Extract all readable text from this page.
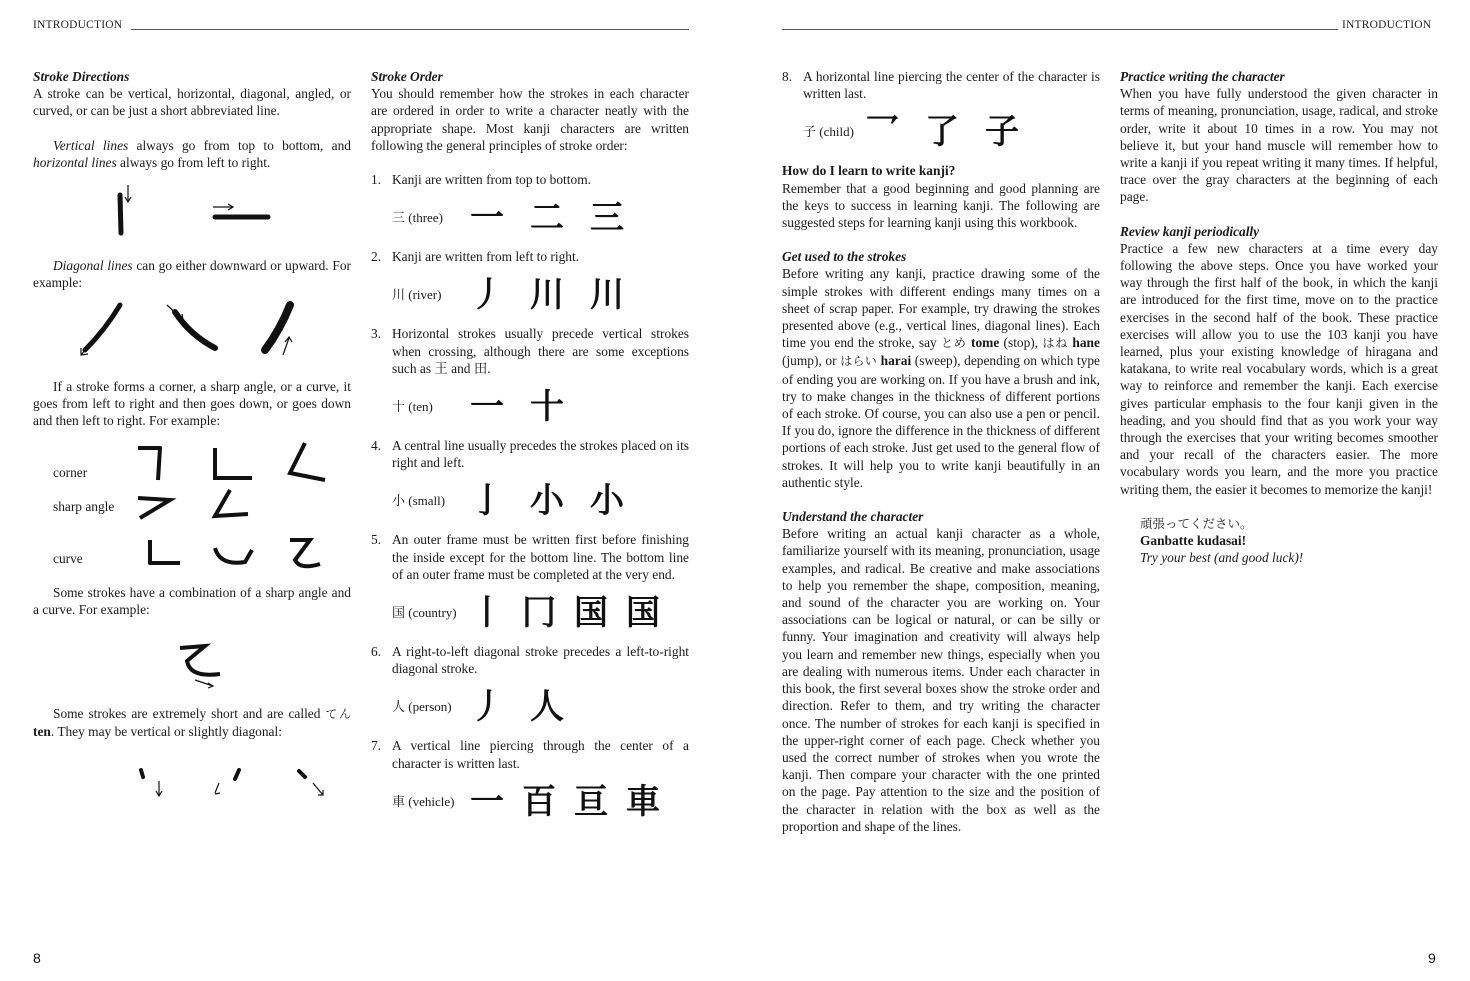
INTRODUCTION	INTRODUCTION
Stroke Directions
A stroke can be vertical, horizontal, diagonal, angled, or curved, or can be just a short abbreviated line.
Vertical lines always go from top to bottom, and horizontal lines always go from left to right.
Diagonal lines can go either downward or upward. For example:
If a stroke forms a corner, a sharp angle, or a curve, it goes from left to right and then goes down, or goes down and then left to right. For example:
corner
sharp angle
curve
Some strokes have a combination of a sharp angle and a curve. For example:
Some strokes are extremely short and are called てん ten. They may be vertical or slightly diagonal:
Stroke Order
You should remember how the strokes in each character are ordered in order to write a character neatly with the appropriate shape. Most kanji characters are written following the general principles of stroke order:
1. Kanji are written from top to bottom.
三 (three) 一 二 三
2. Kanji are written from left to right.
川 (river) 丿 川 川
3. Horizontal strokes usually precede vertical strokes when crossing, although there are some exceptions such as 王 and 田.
十 (ten)	一 十
4. A central line usually precedes the strokes placed on its right and left.
小 (small) 亅 小 小
5. An outer frame must be written first before finishing the inside except for the bottom line. The bottom line of an outer frame must be completed at the very end.
国 (country) 丨 冂 国 国
6. A right-to-left diagonal stroke precedes a left-to-right diagonal stroke.
人 (person) 丿 人
7. A vertical line piercing through the center of a character is written last.
車 (vehicle) 一 百 亘 車
8. A horizontal line piercing the center of the character is written last.
子 (child) 乛 了 子
How do I learn to write kanji?
Remember that a good beginning and good planning are the keys to success in learning kanji. The following are suggested steps for learning kanji using this workbook.
Get used to the strokes
Before writing any kanji, practice drawing some of the simple strokes with different endings many times on a sheet of scrap paper. For example, try drawing the strokes presented above (e.g., vertical lines, diagonal lines). Each time you end the stroke, say とめ tome (stop), はね hane (jump), or はらい harai (sweep), depending on which type of ending you are working on. If you have a brush and ink, try to make changes in the thickness of different portions of each stroke. Of course, you can also use a pen or pencil. If you do, ignore the difference in the thickness of different portions of each stroke. Just get used to the general flow of strokes. It will help you to write kanji beautifully in an authentic style.
Understand the character
Before writing an actual kanji character as a whole, familiarize yourself with its meaning, pronunciation, usage examples, and radical. Be creative and make associations to help you remember the shape, composition, meaning, and sound of the character you are working on. Your associations can be logical or natural, or can be silly or funny. Your imagination and creativity will always help you learn and remember new things, especially when you are dealing with numerous items. Under each character in this book, the first several boxes show the stroke order and direction. Refer to them, and try writing the character once. The number of strokes for each kanji is specified in the upper-right corner of each page. Check whether you used the correct number of strokes when you wrote the kanji. Then compare your character with the one printed on the page. Pay attention to the size and the position of the character in relation with the box as well as the proportion and shape of the lines.
Practice writing the character
When you have fully understood the given character in terms of meaning, pronunciation, usage, radical, and stroke order, write it about 10 times in a row. You may not believe it, but your hand muscle will remember how to write a kanji if you repeat writing it many times. If helpful, trace over the gray characters at the beginning of each page.
Review kanji periodically
Practice a few new characters at a time every day following the above steps. Once you have worked your way through the first half of the book, in which the kanji are introduced for the first time, move on to the practice exercises in the second half of the book. These practice exercises will allow you to use the 103 kanji you have learned, plus your existing knowledge of hiragana and katakana, to write real vocabulary words, which is a great way to reinforce and remember the kanji. Each exercise gives particular emphasis to the four kanji given in the heading, and you should find that as you work your way through the exercises that your writing becomes smoother and your recall of the characters easier. The more vocabulary words you learn, and the more you practice writing them, the easier it becomes to memorize the kanji!
頑張ってください。
Ganbatte kudasai!
Try your best (and good luck)!
8	9
